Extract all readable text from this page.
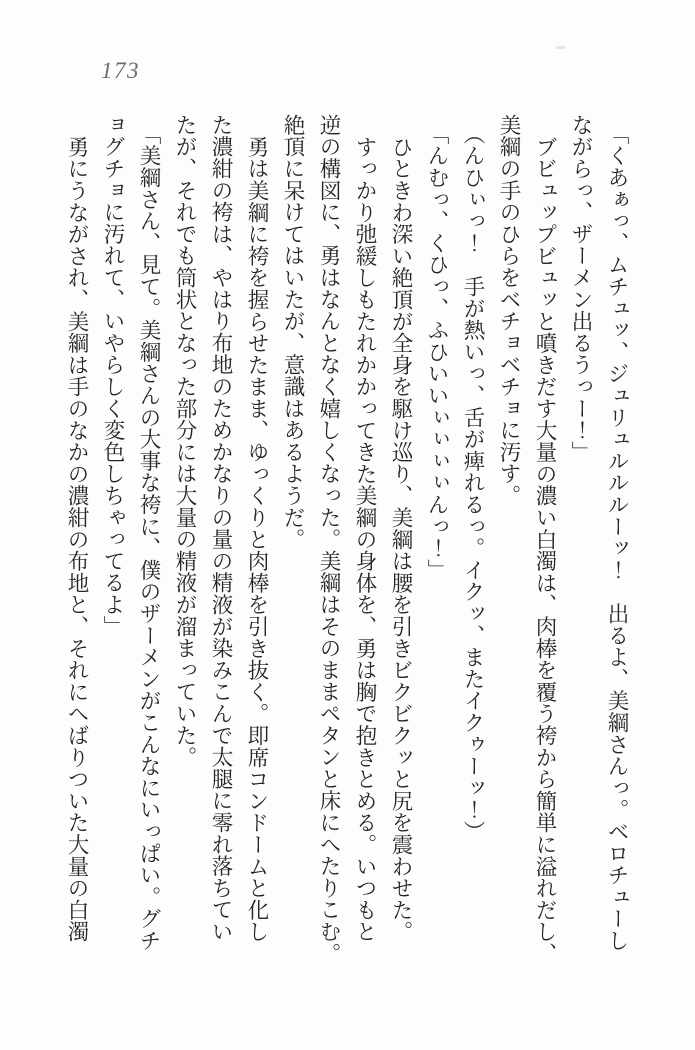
173

「くあぁっ、ムチュッ、ジュリュルルルーッ！　出るよ、美綱さんっ。ベロチューし

ながらっ、ザーメン出るうっー！」

ブビュップビュッと噴きだす大量の濃い白濁は、肉棒を覆う袴から簡単に溢れだし、

美綱の手のひらをベチョベチョに汚す。

（んひぃっ！　手が熱いっ、舌が痺れるっ。イクッ、またイクゥーッ！）

「んむっ、くひっ、ふひいいぃぃぃぃんっ！」

ひときわ深い絶頂が全身を駆け巡り、美綱は腰を引きビクビクッと尻を震わせた。

すっかり弛緩しもたれかかってきた美綱の身体を、勇は胸で抱きとめる。いつもと

逆の構図に、勇はなんとなく嬉しくなった。美綱はそのままペタンと床にへたりこむ。

絶頂に呆けてはいたが、意識はあるようだ。

勇は美綱に袴を握らせたまま、ゆっくりと肉棒を引き抜く。即席コンドームと化し

た濃紺の袴は、やはり布地のためかなりの量の精液が染みこんで太腿に零れ落ちてい

たが、それでも筒状となった部分には大量の精液が溜まっていた。

「美綱さん、見て。美綱さんの大事な袴に、僕のザーメンがこんなにいっぱい。グチ

ョグチョに汚れて、いやらしく変色しちゃってるよ」

勇にうながされ、美綱は手のなかの濃紺の布地と、それにへばりついた大量の白濁
